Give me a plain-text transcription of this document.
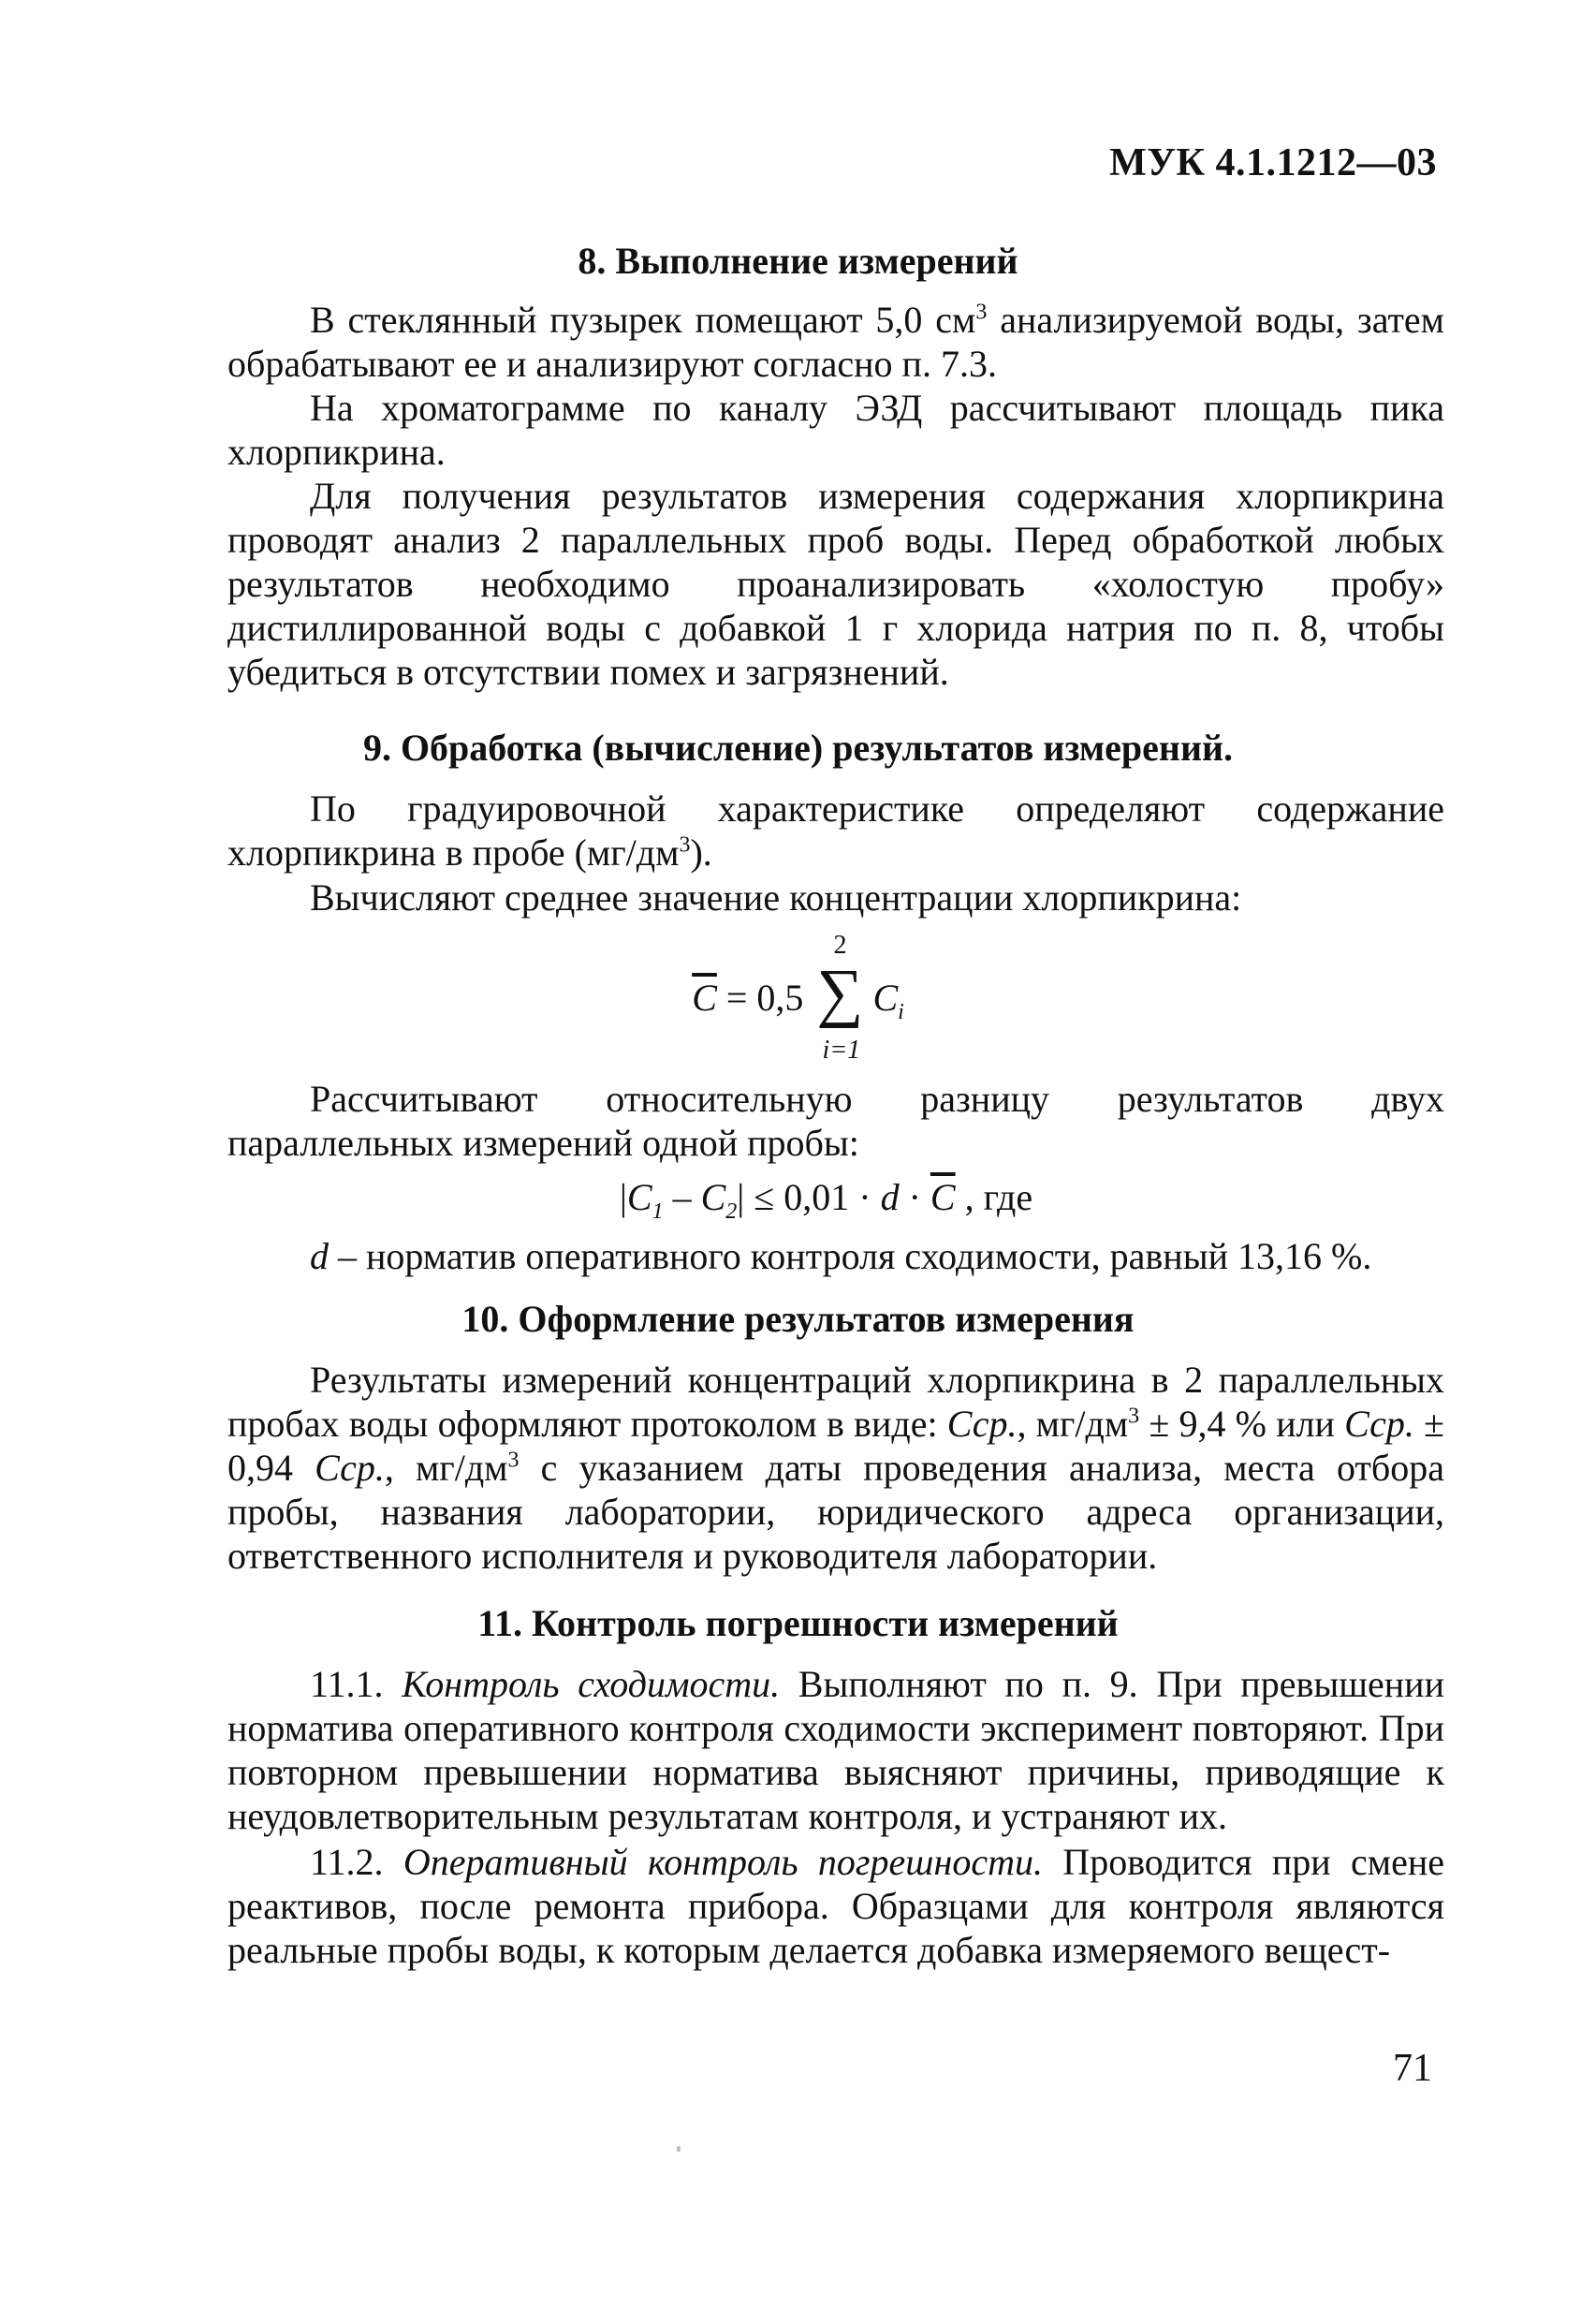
МУК 4.1.1212—03
8. Выполнение измерений
В стеклянный пузырек помещают 5,0 $см^3$ анализируемой воды, затем обрабатывают ее и анализируют согласно п. 7.3.
На хроматограмме по каналу ЭЗД рассчитывают площадь пика хлорпикрина.
Для получения результатов измерения содержания хлорпикрина проводят анализ 2 параллельных проб воды. Перед обработкой любых результатов необходимо проанализировать «холостую пробу» дистиллированной воды с добавкой 1 г хлорида натрия по п. 8, чтобы убедиться в отсутствии помех и загрязнений.
9. Обработка (вычисление) результатов измерений.
По градуировочной характеристике определяют содержание хлорпикрина в пробе $(мг/дм^3)$.
Вычисляют среднее значение концентрации хлорпикрина:
$\overline{C} = 0,5$
2
∑
i=1
$C_i$
Рассчитывают относительную разницу результатов двух параллельных измерений одной пробы:
$|C_1 - C_2| \le 0,01 \cdot d \cdot \overline{C}$ , где
d – норматив оперативного контроля сходимости, равный 13,16 %.
10. Оформление результатов измерения
Результаты измерений концентраций хлорпикрина в 2 параллельных пробах воды оформляют протоколом в виде: Сср., $мг/дм^3 \pm 9,4$ % или Сср. ± 0,94 Сср., $мг/дм^3$ с указанием даты проведения анализа, места отбора пробы, названия лаборатории, юридического адреса организации, ответственного исполнителя и руководителя лаборатории.
11. Контроль погрешности измерений
11.1. Контроль сходимости. Выполняют по п. 9. При превышении норматива оперативного контроля сходимости эксперимент повторяют. При повторном превышении норматива выясняют причины, приводящие к неудовлетворительным результатам контроля, и устраняют их.
11.2. Оперативный контроль погрешности. Проводится при смене реактивов, после ремонта прибора. Образцами для контроля являются реальные пробы воды, к которым делается добавка измеряемого вещест-
71
